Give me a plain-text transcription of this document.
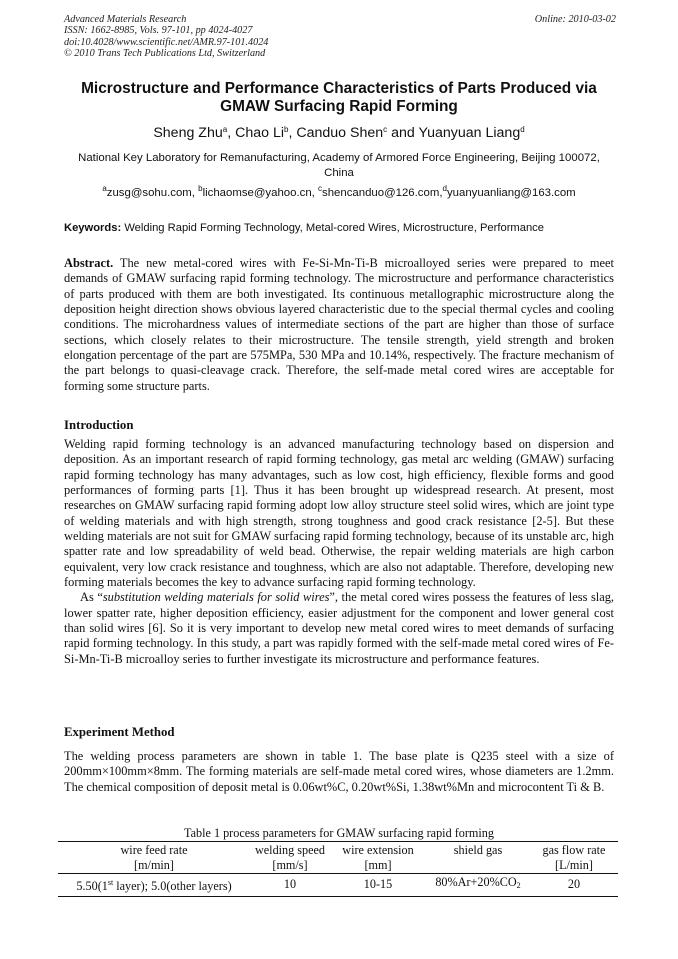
Advanced Materials Research
ISSN: 1662-8985, Vols. 97-101, pp 4024-4027
doi:10.4028/www.scientific.net/AMR.97-101.4024
© 2010 Trans Tech Publications Ltd, Switzerland
Online: 2010-03-02
Microstructure and Performance Characteristics of Parts Produced via
GMAW Surfacing Rapid Forming
Sheng Zhu$^a$, Chao Li$^b$, Canduo Shen$^c$ and Yuanyuan Liang$^d$
National Key Laboratory for Remanufacturing, Academy of Armored Force Engineering, Beijing 100072, China
$^a$zusg@sohu.com, $^b$lichaomse@yahoo.cn, $^c$shencanduo@126.com,$^d$yuanyuanliang@163.com
Keywords: Welding Rapid Forming Technology, Metal-cored Wires, Microstructure, Performance
Abstract. The new metal-cored wires with Fe-Si-Mn-Ti-B microalloyed series were prepared to meet demands of GMAW surfacing rapid forming technology. The microstructure and performance characteristics of parts produced with them are both investigated. Its continuous metallographic microstructure along the deposition height direction shows obvious layered characteristic due to the special thermal cycles and cooling conditions. The microhardness values of intermediate sections of the part are higher than those of surface sections, which closely relates to their microstructure. The tensile strength, yield strength and broken elongation percentage of the part are 575MPa, 530 MPa and 10.14%, respectively. The fracture mechanism of the part belongs to quasi-cleavage crack. Therefore, the self-made metal cored wires are acceptable for forming some structure parts.
Introduction

Welding rapid forming technology is an advanced manufacturing technology based on dispersion and deposition. As an important research of rapid forming technology, gas metal arc welding (GMAW) surfacing rapid forming technology has many advantages, such as low cost, high efficiency, flexible forms and good performances of forming parts [1]. Thus it has been brought up widespread research. At present, most researches on GMAW surfacing rapid forming adopt low alloy structure steel solid wires, which are joint type of welding materials and with high strength, strong toughness and good crack resistance [2-5]. But these welding materials are not suit for GMAW surfacing rapid forming technology, because of its unstable arc, high spatter rate and low spreadability of weld bead. Otherwise, the repair welding materials are high carbon equivalent, very low crack resistance and toughness, which are also not adaptable. Therefore, developing new forming materials becomes the key to advance surfacing rapid forming technology.

As “substitution welding materials for solid wires”, the metal cored wires possess the features of less slag, lower spatter rate, higher deposition efficiency, easier adjustment for the component and lower general cost than solid wires [6]. So it is very important to develop new metal cored wires to meet demands of surfacing rapid forming technology. In this study, a part was rapidly formed with the self-made metal cored wires of Fe-Si-Mn-Ti-B microalloy series to further investigate its microstructure and performance features.

Experiment Method
The welding process parameters are shown in table 1. The base plate is Q235 steel with a size of 200mm×100mm×8mm. The forming materials are self-made metal cored wires, whose diameters are 1.2mm. The chemical composition of deposit metal is 0.06wt%C, 0.20wt%Si, 1.38wt%Mn and microcontent Ti & B.
Table 1 process parameters for GMAW surfacing rapid forming
wire feed rate	welding speed	wire extension	shield gas	gas flow rate
[m/min]	[mm/s]	[mm]		[L/min]
5.50(1st layer); 5.0(other layers)	10	10-15	$80\%Ar+20\%CO_2$	20
